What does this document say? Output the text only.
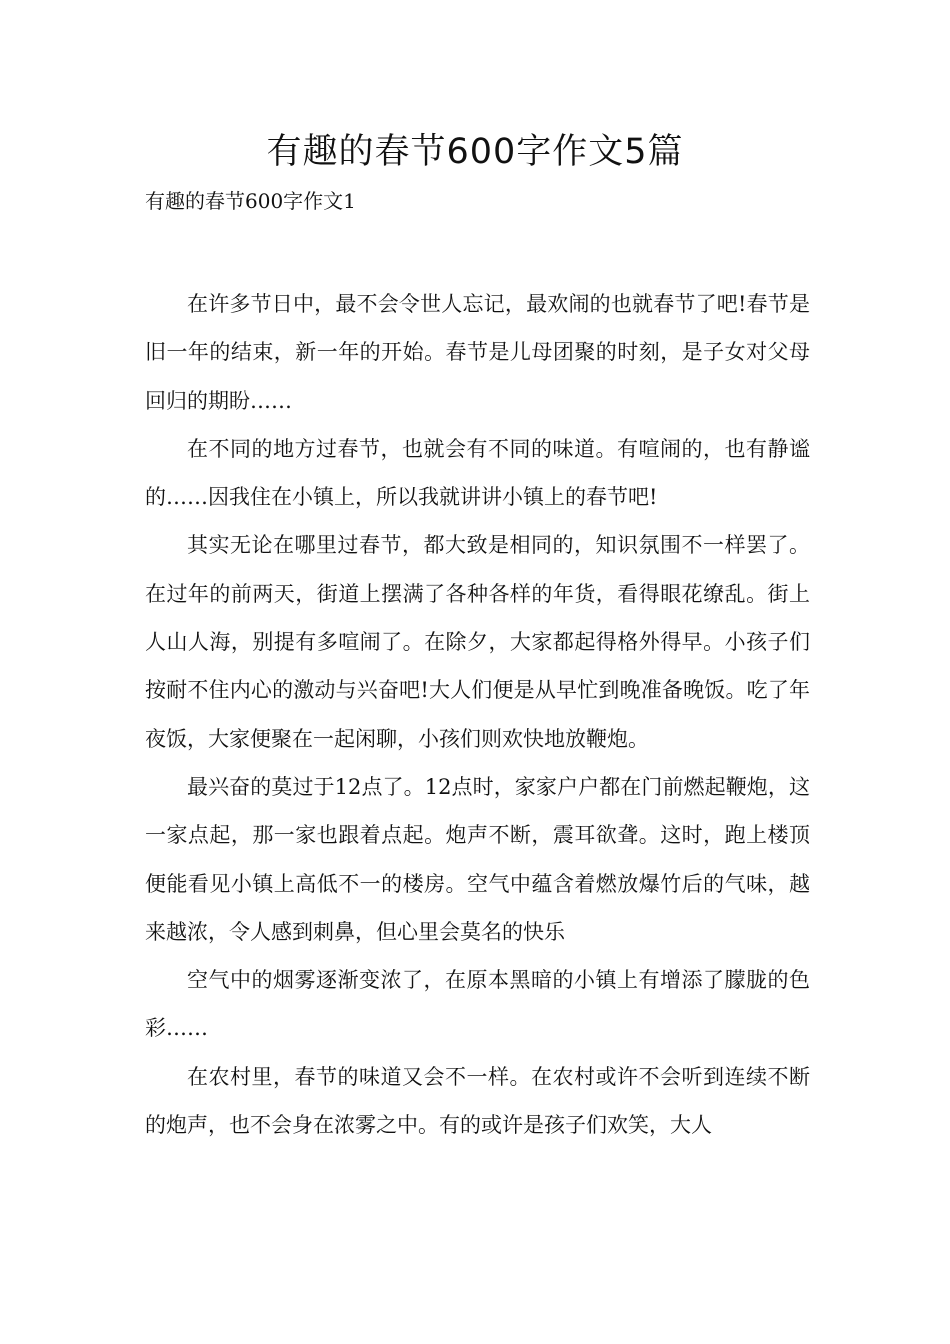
有趣的春节600字作文5篇
有趣的春节600字作文1

在许多节日中，最不会令世人忘记，最欢闹的也就春节了吧!春节是旧一年的结束，新一年的开始。春节是儿母团聚的时刻，是子女对父母回归的期盼……

在不同的地方过春节，也就会有不同的味道。有喧闹的，也有静谧的……因我住在小镇上，所以我就讲讲小镇上的春节吧!

其实无论在哪里过春节，都大致是相同的，知识氛围不一样罢了。在过年的前两天，街道上摆满了各种各样的年货，看得眼花缭乱。街上人山人海，别提有多喧闹了。在除夕，大家都起得格外得早。小孩子们按耐不住内心的激动与兴奋吧!大人们便是从早忙到晚准备晚饭。吃了年夜饭，大家便聚在一起闲聊，小孩们则欢快地放鞭炮。

最兴奋的莫过于12点了。12点时，家家户户都在门前燃起鞭炮，这一家点起，那一家也跟着点起。炮声不断，震耳欲聋。这时，跑上楼顶便能看见小镇上高低不一的楼房。空气中蕴含着燃放爆竹后的气味，越来越浓，令人感到刺鼻，但心里会莫名的快乐

空气中的烟雾逐渐变浓了，在原本黑暗的小镇上有增添了朦胧的色彩……

在农村里，春节的味道又会不一样。在农村或许不会听到连续不断的炮声，也不会身在浓雾之中。有的或许是孩子们欢笑，大人
